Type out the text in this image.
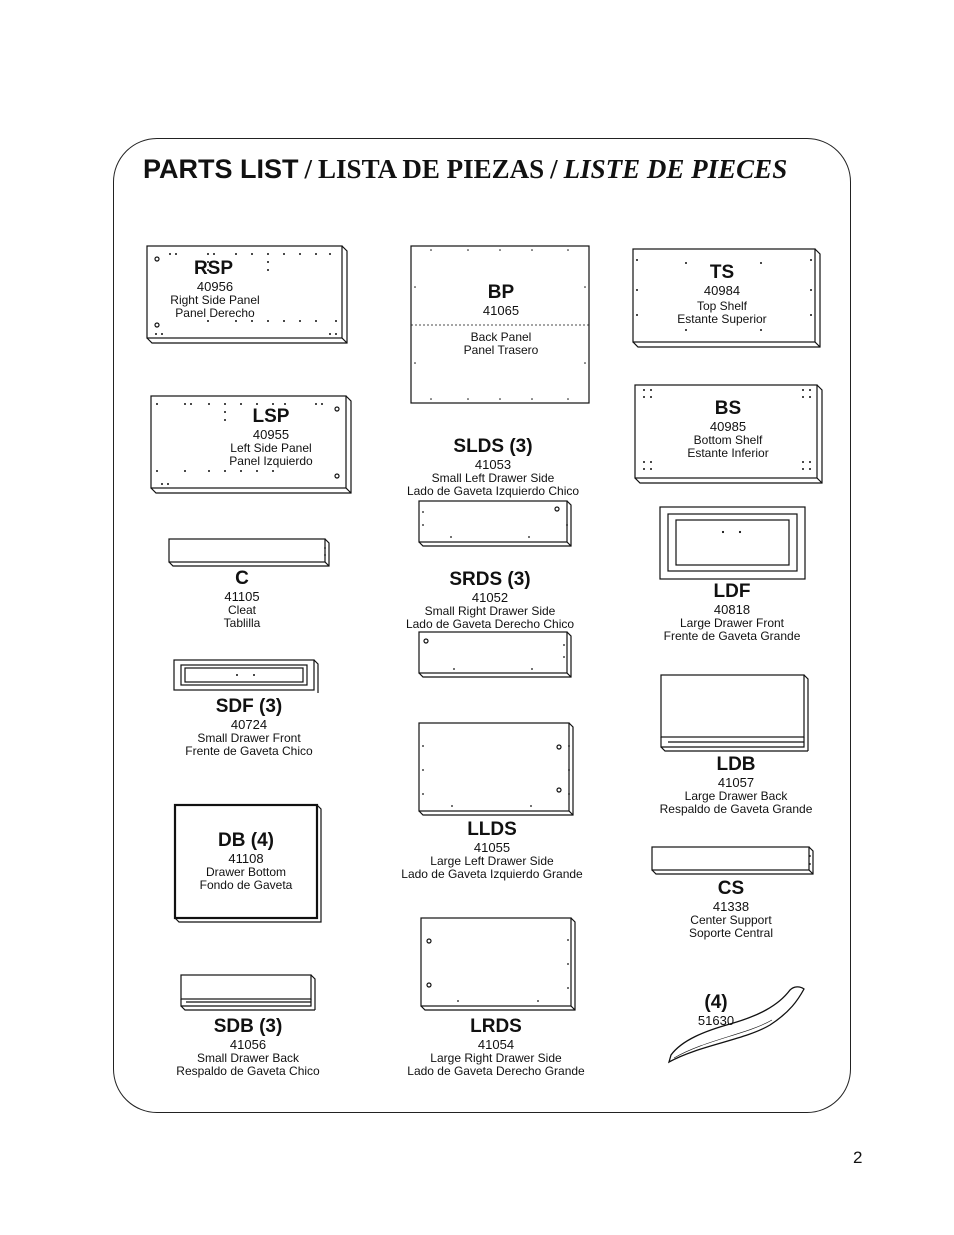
PARTS LIST / LISTA DE PIEZAS / LISTE DE PIECES
RSP
40956
Right Side Panel
Panel Derecho
BP
41065
Back Panel
Panel Trasero
TS
40984
Top Shelf
Estante Superior
LSP
40955
Left Side Panel
Panel Izquierdo
BS
40985
Bottom Shelf
Estante Inferior
SLDS (3)
41053
Small Left Drawer Side
Lado de Gaveta Izquierdo Chico
C
41105
Cleat
Tablilla
SRDS (3)
41052
Small Right Drawer Side
Lado de Gaveta Derecho Chico
LDF
40818
Large Drawer Front
Frente de Gaveta Grande
SDF (3)
40724
Small Drawer Front
Frente de Gaveta Chico
LDB
41057
Large Drawer Back
Respaldo de Gaveta Grande
DB (4)
41108
Drawer Bottom
Fondo de Gaveta
LLDS
41055
Large Left Drawer Side
Lado de Gaveta Izquierdo Grande
CS
41338
Center Support
Soporte Central
SDB (3)
41056
Small Drawer Back
Respaldo de Gaveta Chico
LRDS
41054
Large Right Drawer Side
Lado de Gaveta Derecho Grande
(4)
51630
2
